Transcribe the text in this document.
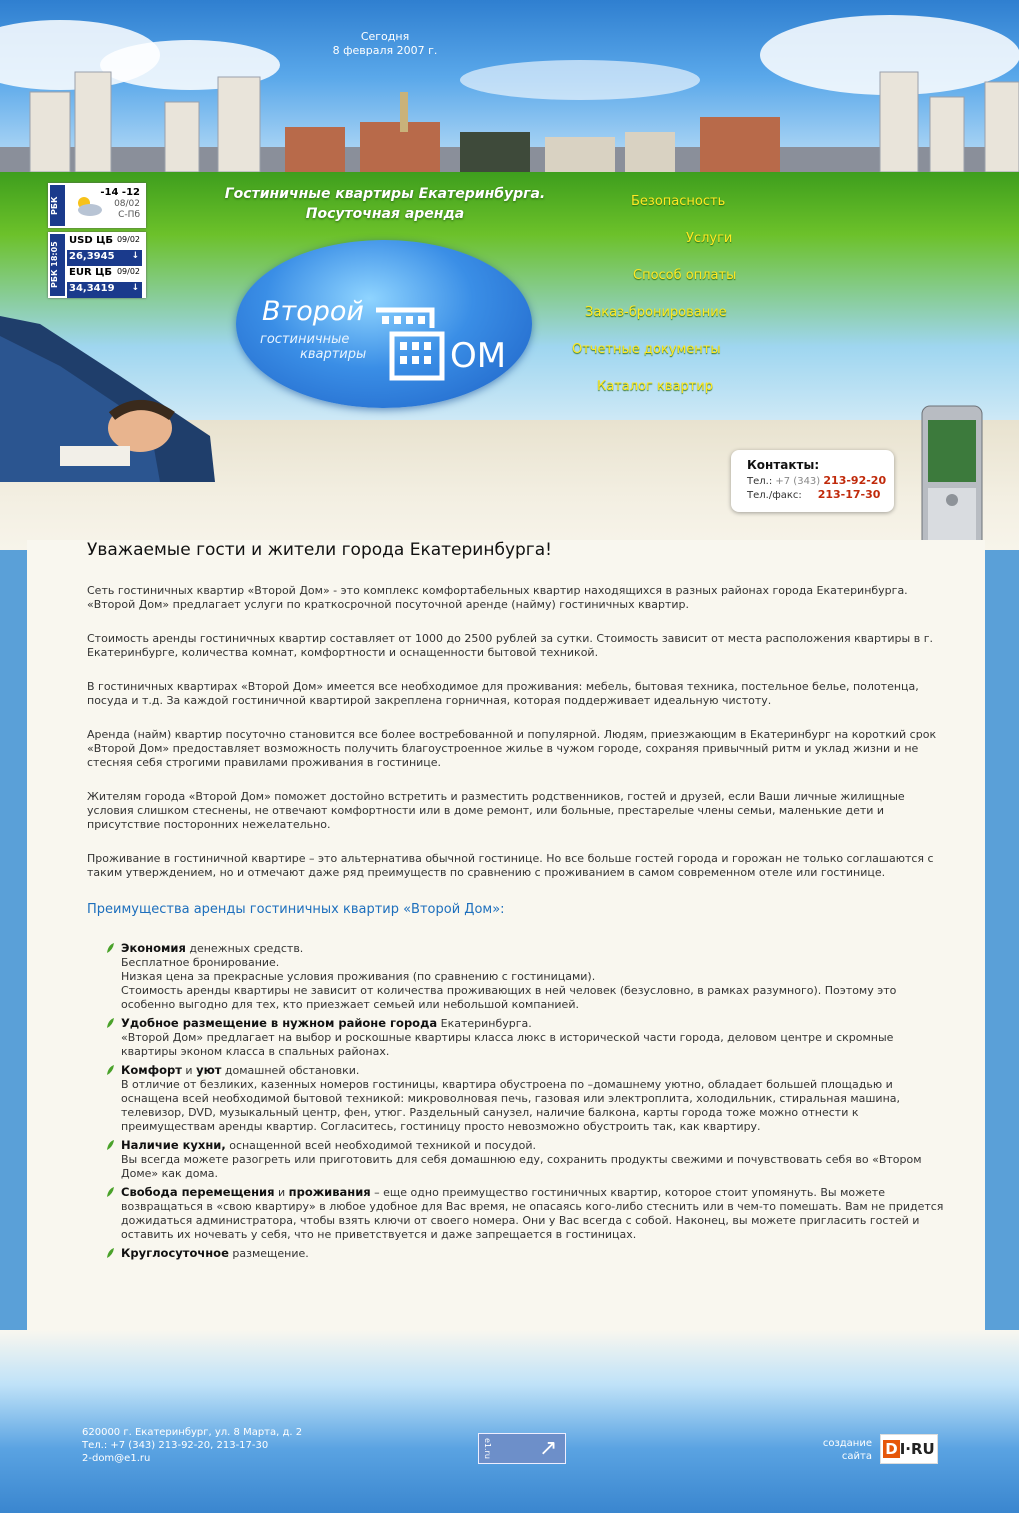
Сегодня
8 февраля 2007 г.
Гостиничные квартиры Екатеринбурга.
Посуточная аренда
РБК
-14 -12
08/02
С-Пб
РБК 18:05
USD ЦБ 09/02
26,3945 ↓
EUR ЦБ 09/02
34,3419 ↓
Второй
гостиничные
квартиры ОМ
Безопасность
Услуги
Способ оплаты
Заказ-бронирование
Отчетные документы
Каталог квартир
Контакты:
Тел.: +7 (343) 213-92-20
Тел./факс: 213-17-30
Уважаемые гости и жители города Екатеринбурга!

Сеть гостиничных квартир «Второй Дом» - это комплекс комфортабельных квартир находящихся в разных районах города Екатеринбурга. «Второй Дом» предлагает услуги по краткосрочной посуточной аренде (найму) гостиничных квартир.

Стоимость аренды гостиничных квартир составляет от 1000 до 2500 рублей за сутки. Стоимость зависит от места расположения квартиры в г. Екатеринбурге, количества комнат, комфортности и оснащенности бытовой техникой.

В гостиничных квартирах «Второй Дом» имеется все необходимое для проживания: мебель, бытовая техника, постельное белье, полотенца, посуда и т.д. За каждой гостиничной квартирой закреплена горничная, которая поддерживает идеальную чистоту.

Аренда (найм) квартир посуточно становится все более востребованной и популярной. Людям, приезжающим в Екатеринбург на короткий срок «Второй Дом» предоставляет возможность получить благоустроенное жилье в чужом городе, сохраняя привычный ритм и уклад жизни и не стесняя себя строгими правилами проживания в гостинице.

Жителям города «Второй Дом» поможет достойно встретить и разместить родственников, гостей и друзей, если Ваши личные жилищные условия слишком стеснены, не отвечают комфортности или в доме ремонт, или больные, престарелые члены семьи, маленькие дети и присутствие посторонних нежелательно.

Проживание в гостиничной квартире – это альтернатива обычной гостинице. Но все больше гостей города и горожан не только соглашаются с таким утверждением, но и отмечают даже ряд преимуществ по сравнению с проживанием в самом современном отеле или гостинице.

Преимущества аренды гостиничных квартир «Второй Дом»:
Экономия денежных средств.
Бесплатное бронирование.
Низкая цена за прекрасные условия проживания (по сравнению с гостиницами).
Стоимость аренды квартиры не зависит от количества проживающих в ней человек (безусловно, в рамках разумного). Поэтому это особенно выгодно для тех, кто приезжает семьей или небольшой компанией.
Удобное размещение в нужном районе города Екатеринбурга.
«Второй Дом» предлагает на выбор и роскошные квартиры класса люкс в исторической части города, деловом центре и скромные квартиры эконом класса в спальных районах.
Комфорт и уют домашней обстановки.
В отличие от безликих, казенных номеров гостиницы, квартира обустроена по –домашнему уютно, обладает большей площадью и оснащена всей необходимой бытовой техникой: микроволновая печь, газовая или электроплита, холодильник, стиральная машина, телевизор, DVD, музыкальный центр, фен, утюг. Раздельный санузел, наличие балкона, карты города тоже можно отнести к преимуществам аренды квартир. Согласитесь, гостиницу просто невозможно обустроить так, как квартиру.
Наличие кухни, оснащенной всей необходимой техникой и посудой.
Вы всегда можете разогреть или приготовить для себя домашнюю еду, сохранить продукты свежими и почувствовать себя во «Втором Доме» как дома.
Свобода перемещения и проживания – еще одно преимущество гостиничных квартир, которое стоит упомянуть. Вы можете возвращаться в «свою квартиру» в любое удобное для Вас время, не опасаясь кого-либо стеснить или в чем-то помешать. Вам не придется дожидаться администратора, чтобы взять ключи от своего номера. Они у Вас всегда с собой. Наконец, вы можете пригласить гостей и оставить их ночевать у себя, что не приветствуется и даже запрещается в гостиницах.
Круглосуточное размещение.
620000 г. Екатеринбург, ул. 8 Марта, д. 2
Тел.: +7 (343) 213-92-20, 213-17-30
2-dom@e1.ru	e1.ru ↗	создание
сайта D I·RU
